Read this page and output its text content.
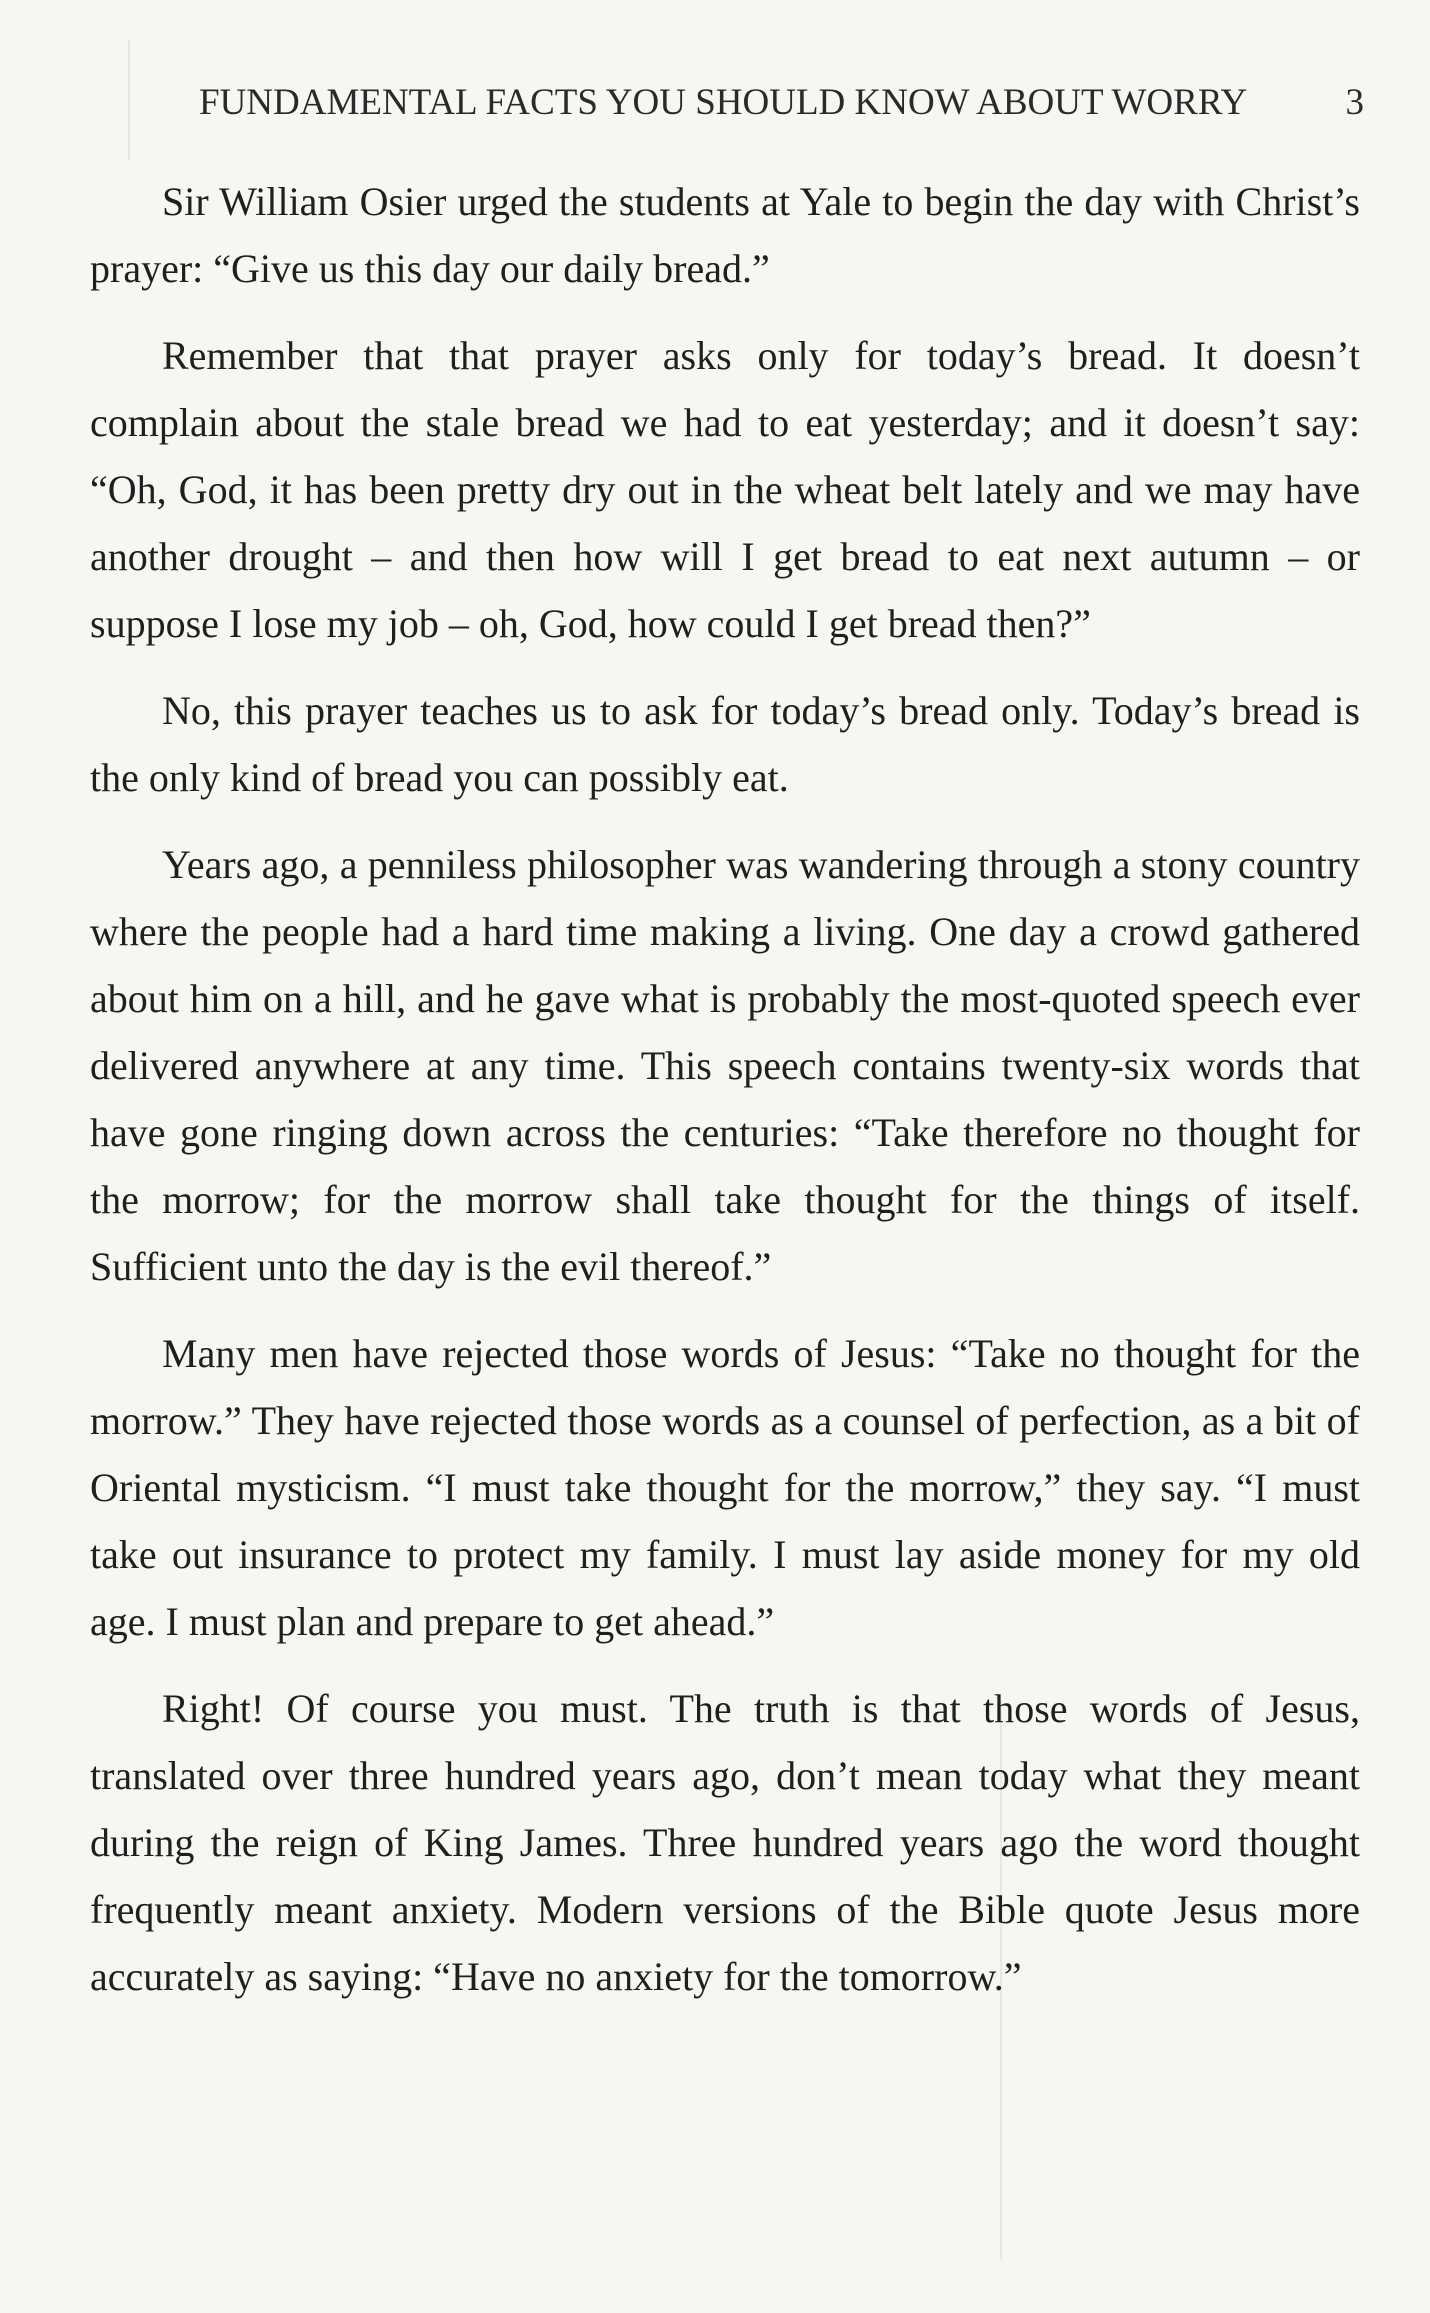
FUNDAMENTAL FACTS YOU SHOULD KNOW ABOUT WORRY	3

Sir William Osier urged the students at Yale to begin the day with Christ’s prayer: “Give us this day our daily bread.”

Remember that that prayer asks only for today’s bread. It doesn’t complain about the stale bread we had to eat yesterday; and it doesn’t say: “Oh, God, it has been pretty dry out in the wheat belt lately and we may have another drought – and then how will I get bread to eat next autumn – or suppose I lose my job – oh, God, how could I get bread then?”

No, this prayer teaches us to ask for today’s bread only. Today’s bread is the only kind of bread you can possibly eat.

Years ago, a penniless philosopher was wandering through a stony country where the people had a hard time making a living. One day a crowd gathered about him on a hill, and he gave what is probably the most-quoted speech ever delivered anywhere at any time. This speech contains twenty-six words that have gone ringing down across the centuries: “Take therefore no thought for the morrow; for the morrow shall take thought for the things of itself. Sufficient unto the day is the evil thereof.”

Many men have rejected those words of Jesus: “Take no thought for the morrow.” They have rejected those words as a counsel of perfection, as a bit of Oriental mysticism. “I must take thought for the morrow,” they say. “I must take out insurance to protect my family. I must lay aside money for my old age. I must plan and prepare to get ahead.”

Right! Of course you must. The truth is that those words of Jesus, translated over three hundred years ago, don’t mean today what they meant during the reign of King James. Three hundred years ago the word thought frequently meant anxiety. Modern versions of the Bible quote Jesus more accurately as saying: “Have no anxiety for the tomorrow.”
